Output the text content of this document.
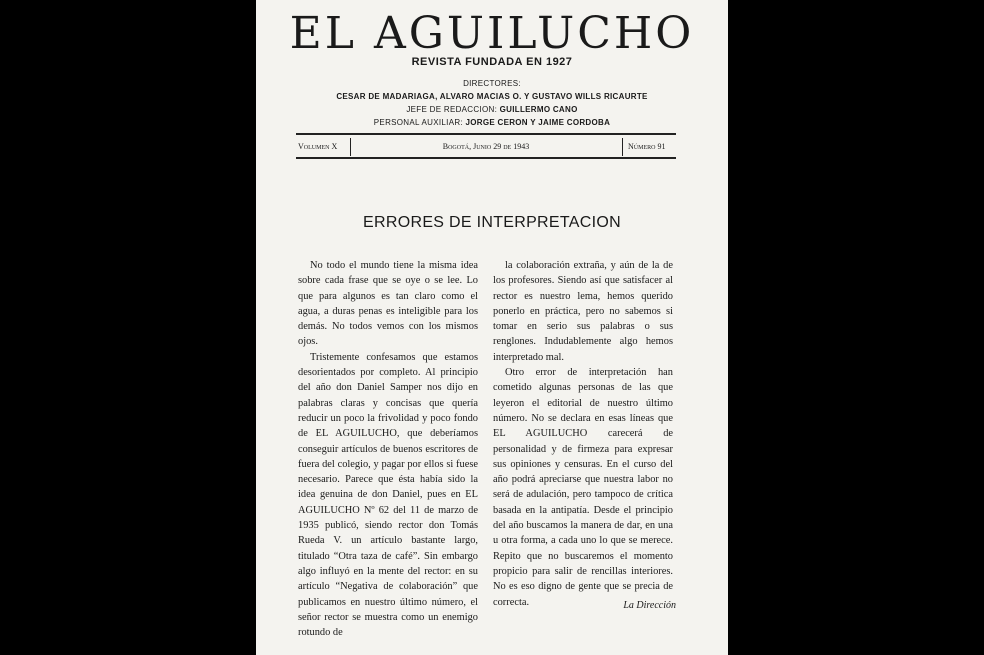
EL AGUILUCHO
REVISTA FUNDADA EN 1927
DIRECTORES:
CESAR DE MADARIAGA, ALVARO MACIAS O. Y GUSTAVO WILLS RICAURTE
JEFE DE REDACCION: GUILLERMO CANO
PERSONAL AUXILIAR: JORGE CERON Y JAIME CORDOBA
Volumen X	Bogotá, Junio 29 de 1943	Número 91
ERRORES DE INTERPRETACION

No todo el mundo tiene la misma idea sobre cada frase que se oye o se lee. Lo que para algunos es tan claro como el agua, a duras penas es inteligible para los demás. No todos vemos con los mismos ojos.

Tristemente confesamos que estamos desorientados por completo. Al principio del año don Daniel Samper nos dijo en palabras claras y concisas que quería reducir un poco la frivolidad y poco fondo de EL AGUILUCHO, que deberíamos conseguir artículos de buenos escritores de fuera del colegio, y pagar por ellos si fuese necesario. Parece que ésta había sido la idea genuina de don Daniel, pues en EL AGUILUCHO Nº 62 del 11 de marzo de 1935 publicó, siendo rector don Tomás Rueda V. un artículo bastante largo, titulado “Otra taza de café”. Sin embargo algo influyó en la mente del rector: en su artículo “Negativa de colaboración” que publicamos en nuestro último número, el señor rector se muestra como un enemigo rotundo de

la colaboración extraña, y aún de la de los profesores. Siendo así que satisfacer al rector es nuestro lema, hemos querido ponerlo en práctica, pero no sabemos si tomar en serio sus palabras o sus renglones. Indudablemente algo hemos interpretado mal.

Otro error de interpretación han cometido algunas personas de las que leyeron el editorial de nuestro último número. No se declara en esas líneas que EL AGUILUCHO carecerá de personalidad y de firmeza para expresar sus opiniones y censuras. En el curso del año podrá apreciarse que nuestra labor no será de adulación, pero tampoco de crítica basada en la antipatía. Desde el principio del año buscamos la manera de dar, en una u otra forma, a cada uno lo que se merece. Repito que no buscaremos el momento propicio para salir de rencillas interiores. No es eso digno de gente que se precia de correcta.	La Dirección
